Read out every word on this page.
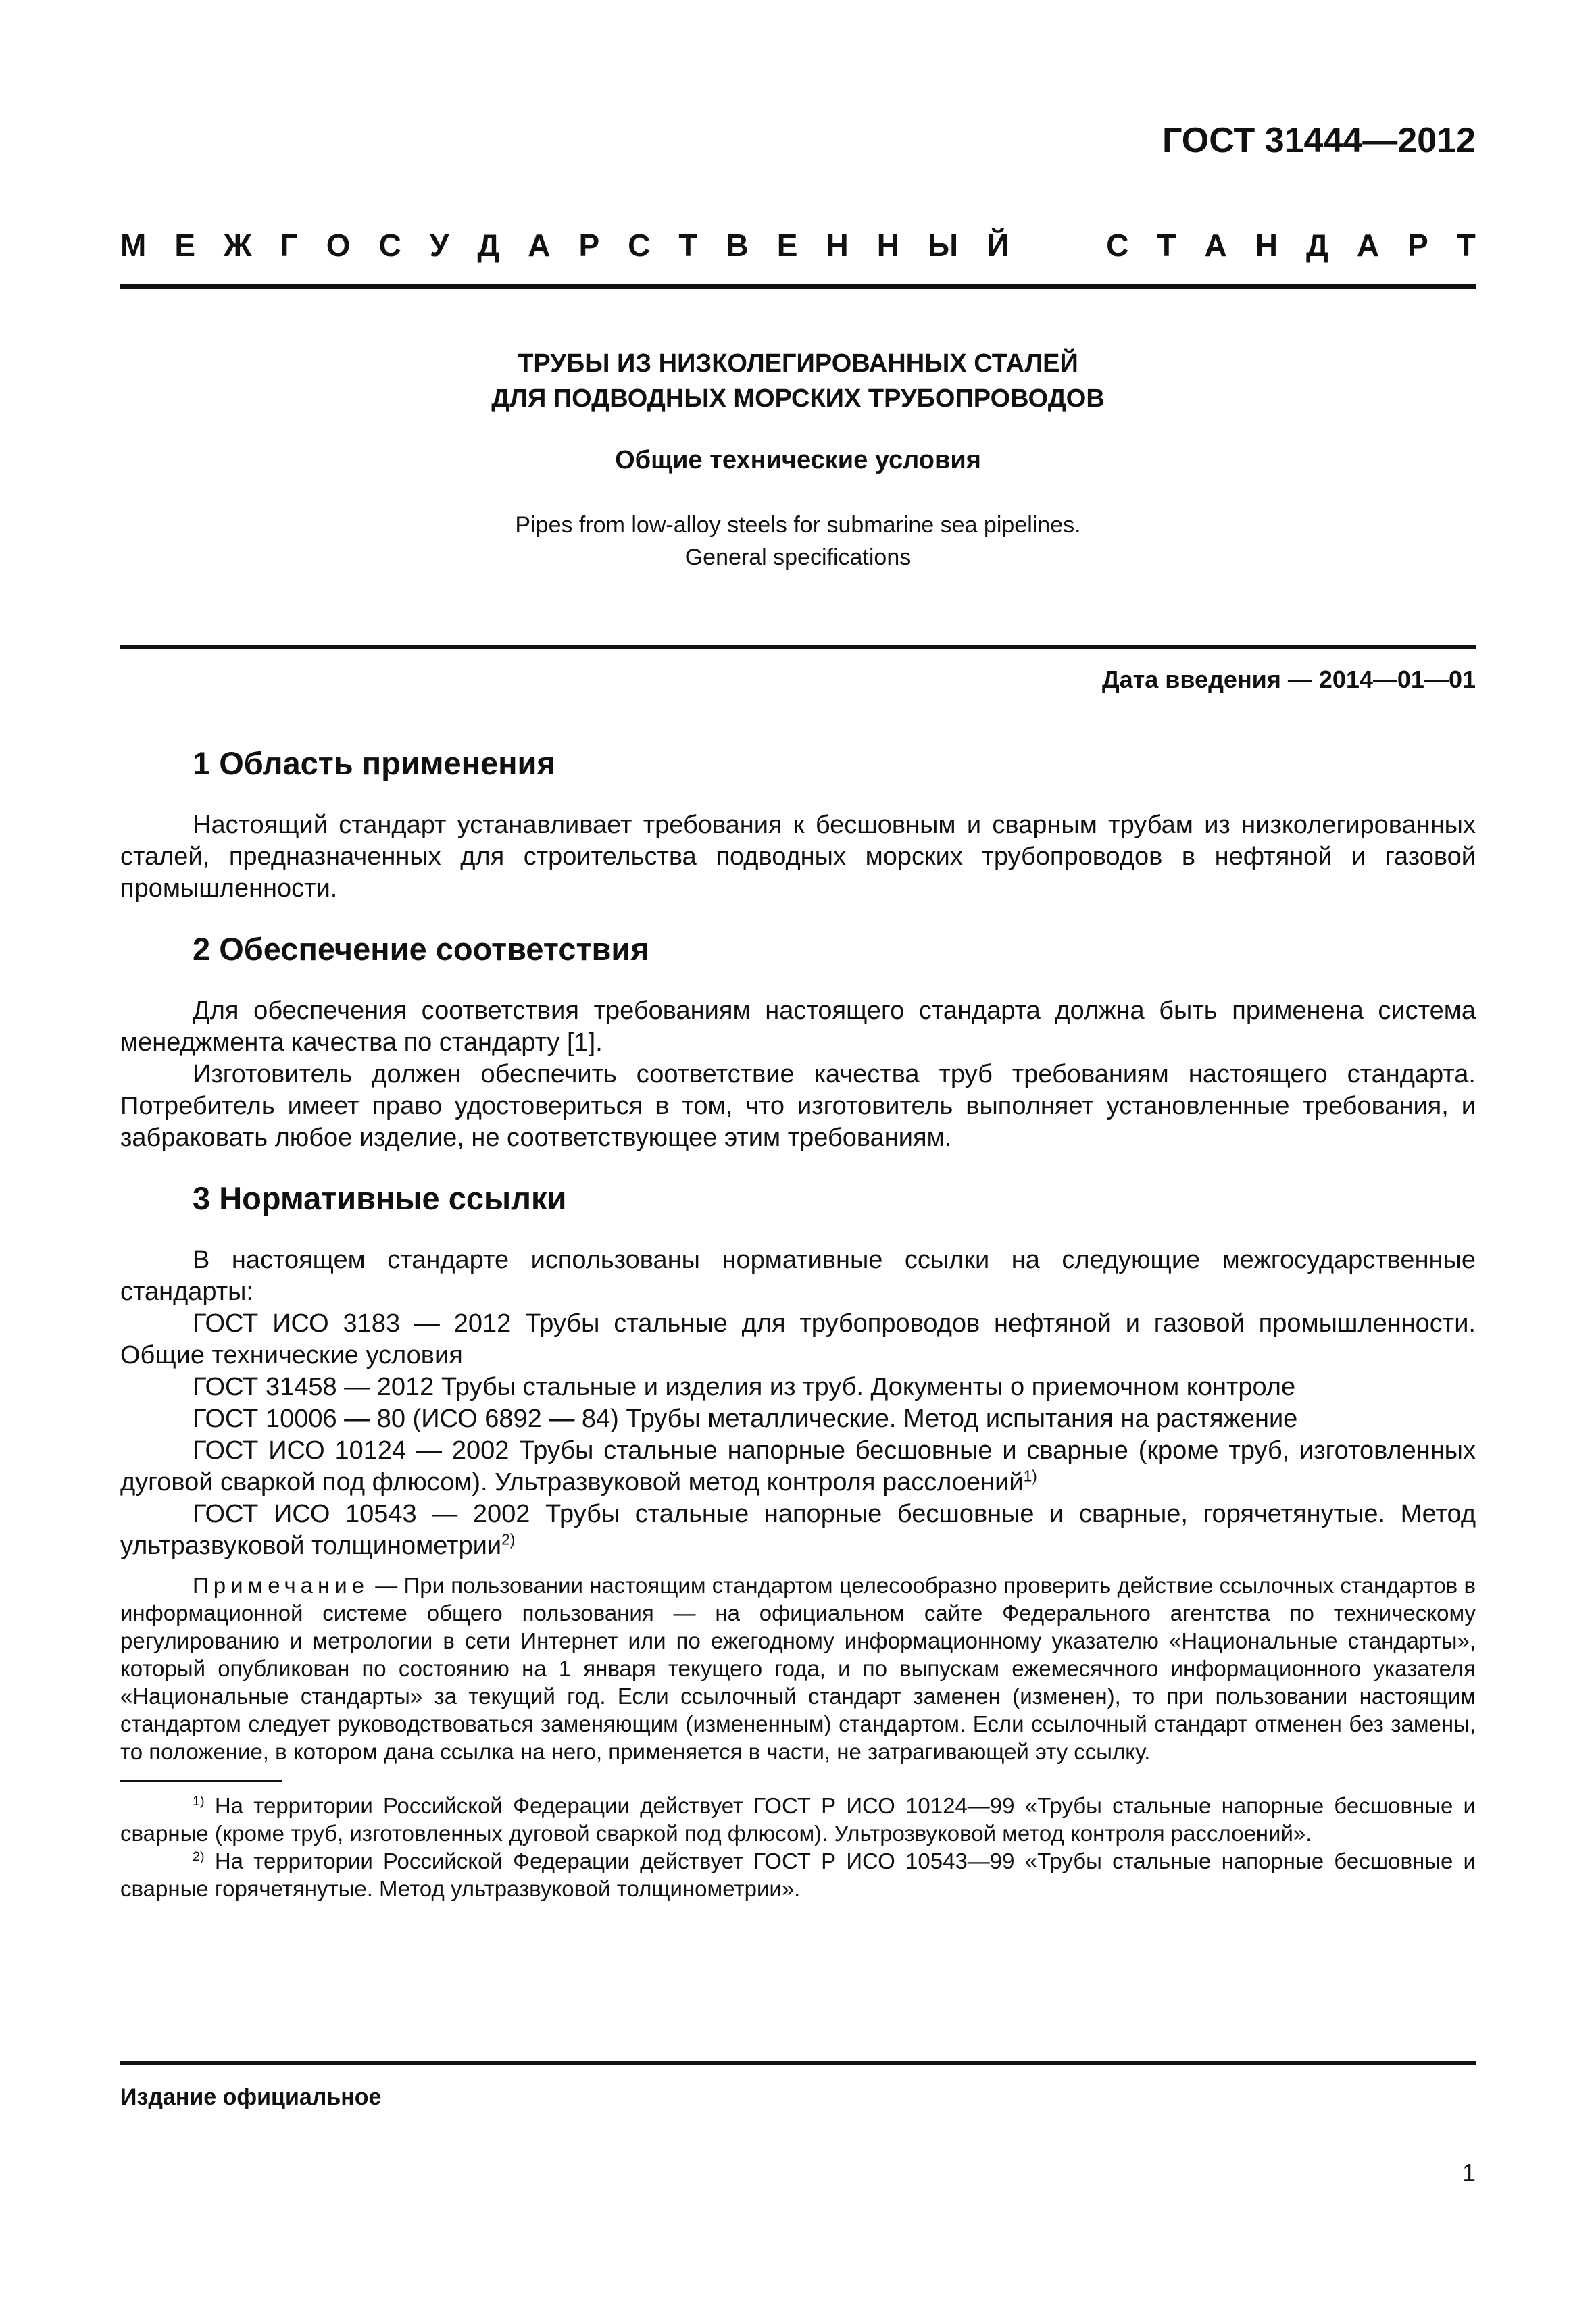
ГОСТ 31444—2012
М Е Ж Г О С У Д А Р С Т В Е Н Н Ы Й	С Т А Н Д А Р Т

ТРУБЫ ИЗ НИЗКОЛЕГИРОВАННЫХ СТАЛЕЙ

ДЛЯ ПОДВОДНЫХ МОРСКИХ ТРУБОПРОВОДОВ

Общие технические условия

Pipes from low-alloy steels for submarine sea pipelines.
General specifications

Дата введения — 2014—01—01
1 Область применения

Настоящий стандарт устанавливает требования к бесшовным и сварным трубам из низколегированных сталей, предназначенных для строительства подводных морских трубопроводов в нефтяной и газовой промышленности.

2 Обеспечение соответствия

Для обеспечения соответствия требованиям настоящего стандарта должна быть применена система менеджмента качества по стандарту [1].

Изготовитель должен обеспечить соответствие качества труб требованиям настоящего стандарта. Потребитель имеет право удостовериться в том, что изготовитель выполняет установленные требования, и забраковать любое изделие, не соответствующее этим требованиям.

3 Нормативные ссылки

В настоящем стандарте использованы нормативные ссылки на следующие межгосударственные стандарты:

ГОСТ ИСО 3183 — 2012 Трубы стальные для трубопроводов нефтяной и газовой промышленности. Общие технические условия

ГОСТ 31458 — 2012 Трубы стальные и изделия из труб. Документы о приемочном контроле

ГОСТ 10006 — 80 (ИСО 6892 — 84) Трубы металлические. Метод испытания на растяжение

ГОСТ ИСО 10124 — 2002 Трубы стальные напорные бесшовные и сварные (кроме труб, изготовленных дуговой сваркой под флюсом). Ультразвуковой метод контроля расслоений$^{1)}$

ГОСТ ИСО 10543 — 2002 Трубы стальные напорные бесшовные и сварные, горячетянутые. Метод ультразвуковой толщинометрии$^{2)}$

Примечание — При пользовании настоящим стандартом целесообразно проверить действие ссылочных стандартов в информационной системе общего пользования — на официальном сайте Федерального агентства по техническому регулированию и метрологии в сети Интернет или по ежегодному информационному указателю «Национальные стандарты», который опубликован по состоянию на 1 января текущего года, и по выпускам ежемесячного информационного указателя «Национальные стандарты» за текущий год. Если ссылочный стандарт заменен (изменен), то при пользовании настоящим стандартом следует руководствоваться заменяющим (измененным) стандартом. Если ссылочный стандарт отменен без замены, то положение, в котором дана ссылка на него, применяется в части, не затрагивающей эту ссылку.

$^{1)}$ На территории Российской Федерации действует ГОСТ Р ИСО 10124—99 «Трубы стальные напорные бесшовные и сварные (кроме труб, изготовленных дуговой сваркой под флюсом). Ультрозвуковой метод контроля расслоений».

$^{2)}$ На территории Российской Федерации действует ГОСТ Р ИСО 10543—99 «Трубы стальные напорные бесшовные и сварные горячетянутые. Метод ультразвуковой толщинометрии».

Издание официальное
1
